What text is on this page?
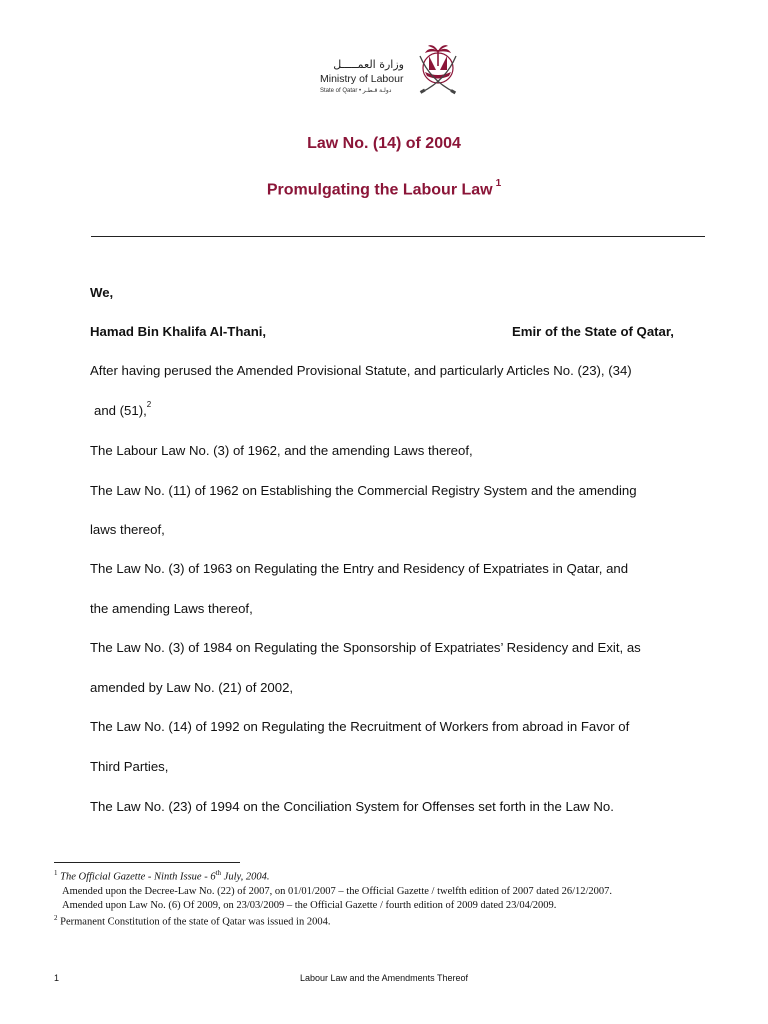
وزارة العمـــــل
Ministry of Labour
State of Qatar • دولـة قـطـر
Law No. (14) of 2004
Promulgating the Labour Law $^1$
We,
Hamad Bin Khalifa Al-Thani,	Emir of the State of Qatar,
After having perused the Amended Provisional Statute, and particularly Articles No. (23), (34)
and (51),$^2$
The Labour Law No. (3) of 1962, and the amending Laws thereof,
The Law No. (11) of 1962 on Establishing the Commercial Registry System and the amending
laws thereof,
The Law No. (3) of 1963 on Regulating the Entry and Residency of Expatriates in Qatar, and
the amending Laws thereof,
The Law No. (3) of 1984 on Regulating the Sponsorship of Expatriates’ Residency and Exit, as
amended by Law No. (21) of 2002,
The Law No. (14) of 1992 on Regulating the Recruitment of Workers from abroad in Favor of
Third Parties,
The Law No. (23) of 1994 on the Conciliation System for Offenses set forth in the Law No.
$^1$ The Official Gazette - Ninth Issue - 6th July, 2004.
Amended upon the Decree-Law No. (22) of 2007, on 01/01/2007 – the Official Gazette / twelfth edition of 2007 dated 26/12/2007.
Amended upon Law No. (6) Of 2009, on 23/03/2009 – the Official Gazette / fourth edition of 2009 dated 23/04/2009.
$^2$ Permanent Constitution of the state of Qatar was issued in 2004.
1	Labour Law and the Amendments Thereof
